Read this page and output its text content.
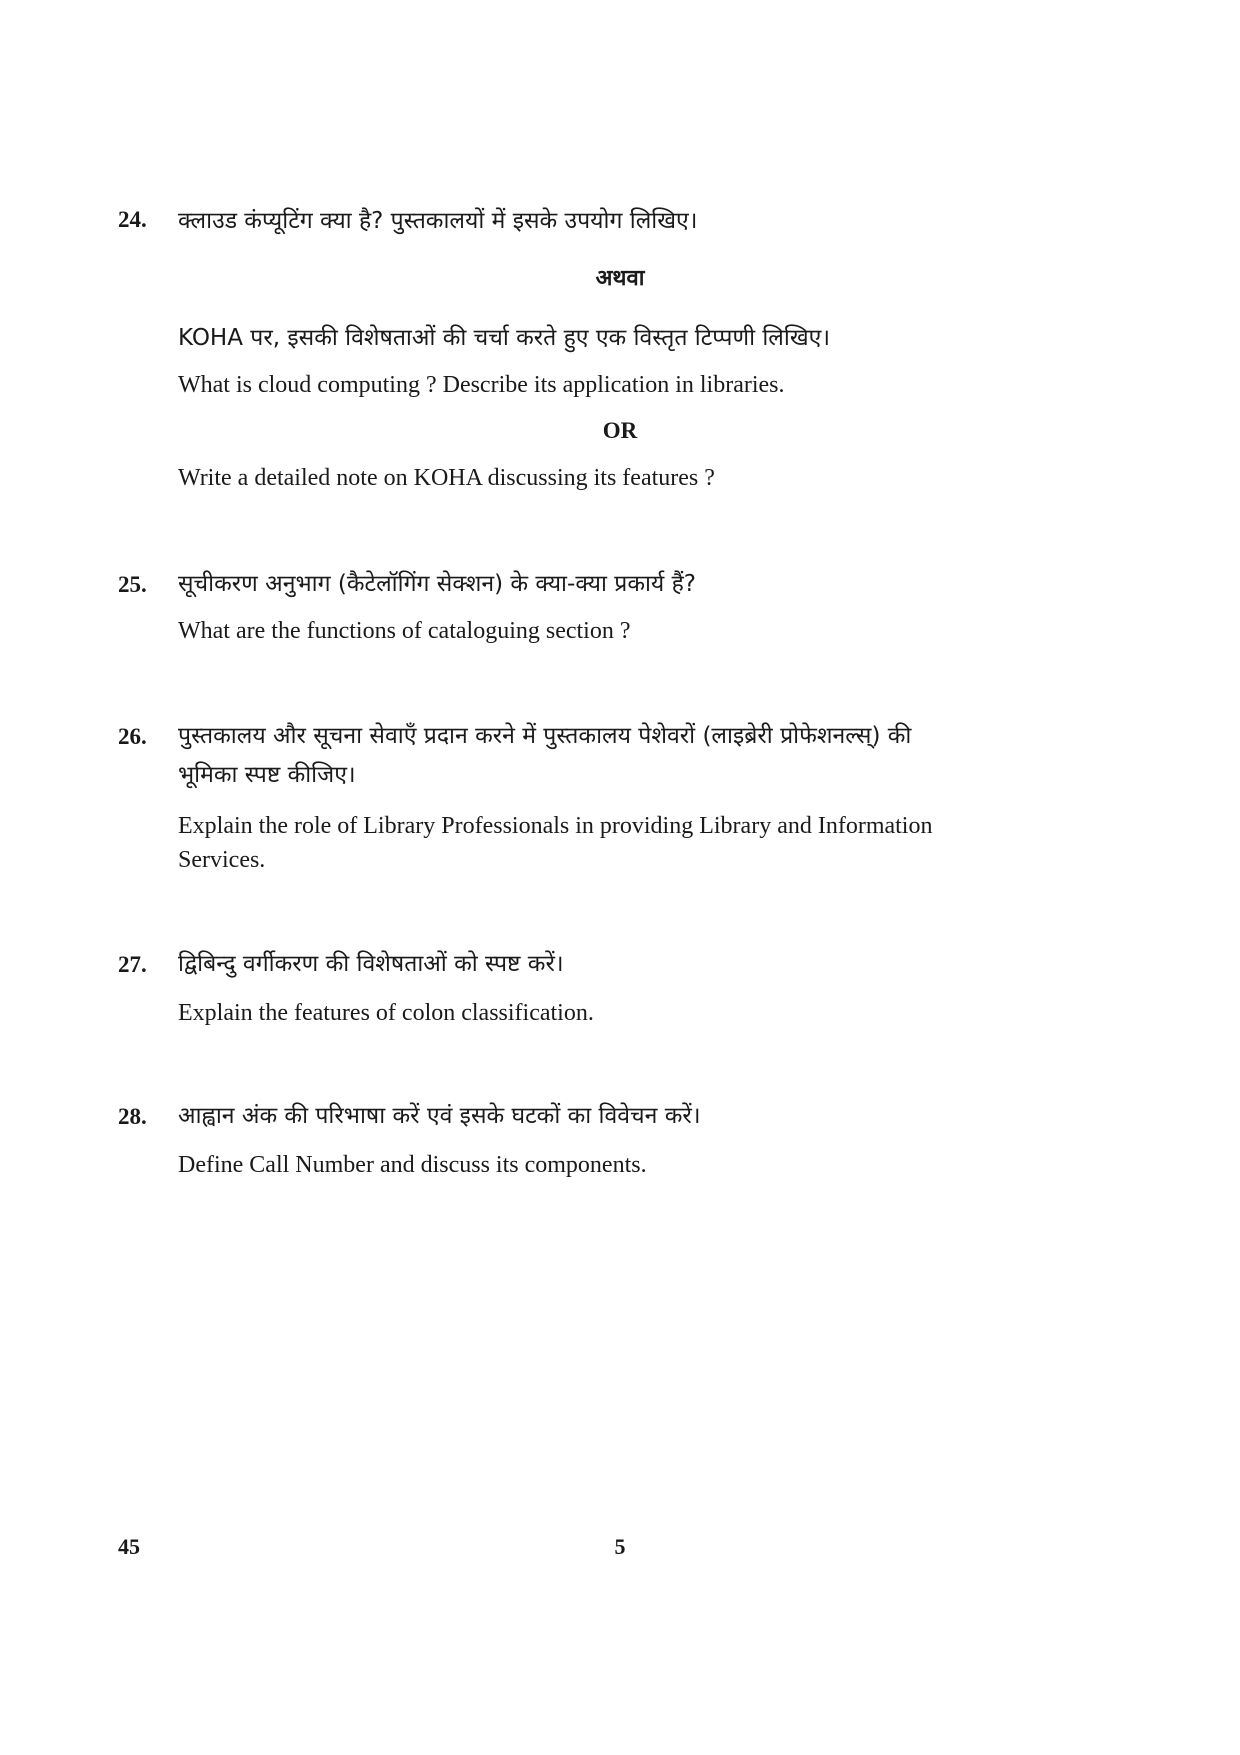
24. क्लाउड कंप्यूटिंग क्या है? पुस्तकालयों में इसके उपयोग लिखिए।
अथवा
KOHA पर, इसकी विशेषताओं की चर्चा करते हुए एक विस्तृत टिप्पणी लिखिए।
What is cloud computing ? Describe its application in libraries.
OR
Write a detailed note on KOHA discussing its features ?
25. सूचीकरण अनुभाग (कैटेलॉगिंग सेक्शन) के क्या-क्या प्रकार्य हैं?
What are the functions of cataloguing section ?
26. पुस्तकालय और सूचना सेवाएँ प्रदान करने में पुस्तकालय पेशेवरों (लाइब्रेरी प्रोफेशनल्स्) की
भूमिका स्पष्ट कीजिए।
Explain the role of Library Professionals in providing Library and Information
Services.
27. द्विबिन्दु वर्गीकरण की विशेषताओं को स्पष्ट करें।
Explain the features of colon classification.
28. आह्वान अंक की परिभाषा करें एवं इसके घटकों का विवेचन करें।
Define Call Number and discuss its components.
45	5
